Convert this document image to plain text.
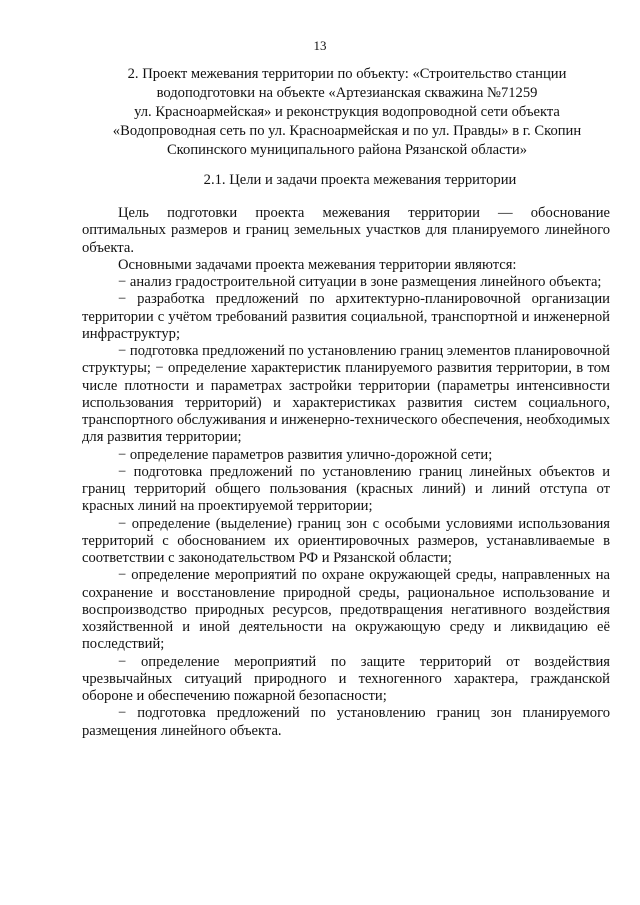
13
2. Проект межевания территории по объекту: «Строительство станции
водоподготовки на объекте «Артезианская скважина №71259
ул. Красноармейская» и реконструкция водопроводной сети объекта
«Водопроводная сеть по ул. Красноармейская и по ул. Правды» в г. Скопин
Скопинского муниципального района Рязанской области»
2.1. Цели и задачи проекта межевания территории

Цель подготовки проекта межевания территории — обоснование оптимальных размеров и границ земельных участков для планируемого линейного объекта.

Основными задачами проекта межевания территории являются:

− анализ градостроительной ситуации в зоне размещения линейного объекта;

− разработка предложений по архитектурно-планировочной организации территории с учётом требований развития социальной, транспортной и инженерной инфраструктур;

− подготовка предложений по установлению границ элементов планировочной структуры; − определение характеристик планируемого развития территории, в том числе плотности и параметрах застройки территории (параметры интенсивности использования территорий) и характеристиках развития систем социального, транспортного обслуживания и инженерно-технического обеспечения, необходимых для развития территории;

− определение параметров развития улично-дорожной сети;

− подготовка предложений по установлению границ линейных объектов и границ территорий общего пользования (красных линий) и линий отступа от красных линий на проектируемой территории;

− определение (выделение) границ зон с особыми условиями использования территорий с обоснованием их ориентировочных размеров, устанавливаемые в соответствии с законодательством РФ и Рязанской области;

− определение мероприятий по охране окружающей среды, направленных на сохранение и восстановление природной среды, рациональное использование и воспроизводство природных ресурсов, предотвращения негативного воздействия хозяйственной и иной деятельности на окружающую среду и ликвидацию её последствий;

− определение мероприятий по защите территорий от воздействия чрезвычайных ситуаций природного и техногенного характера, гражданской обороне и обеспечению пожарной безопасности;

− подготовка предложений по установлению границ зон планируемого размещения линейного объекта.
